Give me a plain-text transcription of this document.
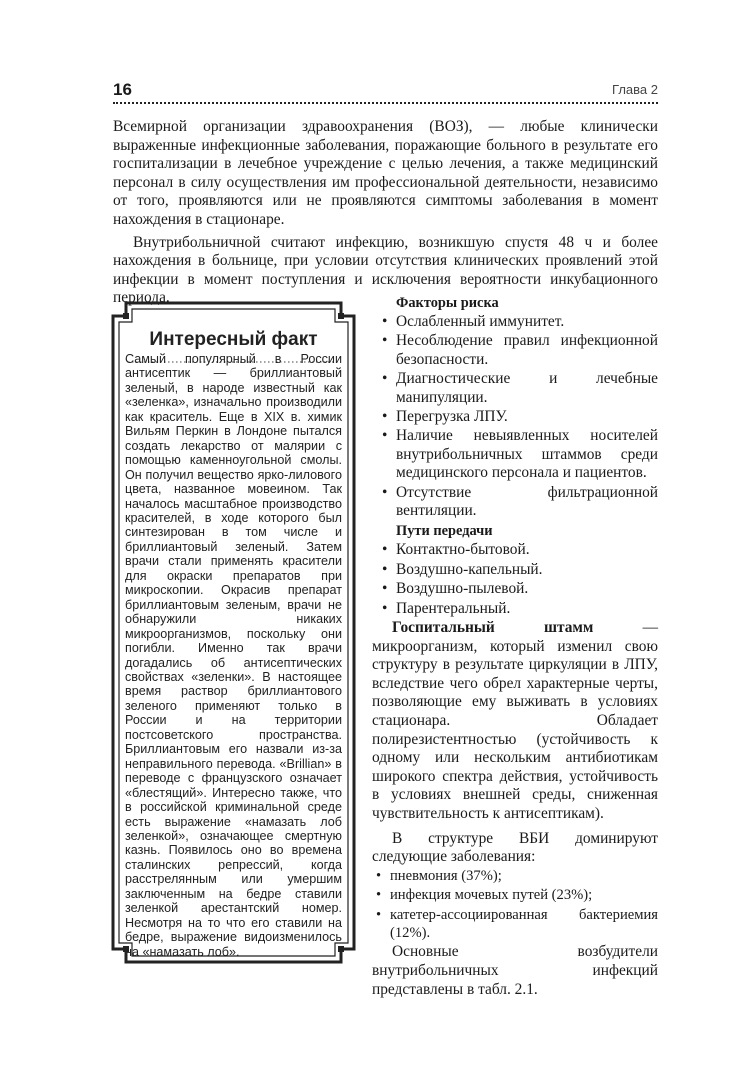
16	Глава 2

Всемирной организации здравоохранения (ВОЗ), — любые клинически выраженные инфекционные заболевания, поражающие больного в результате его госпитализации в лечебное учреждение с целью лечения, а также медицинский персонал в силу осуществления им профессиональной деятельности, независимо от того, проявляются или не проявляются симптомы заболевания в момент нахождения в стационаре.

Внутрибольничной считают инфекцию, возникшую спустя 48 ч и более нахождения в больнице, при условии отсутствия клинических проявлений этой инфекции в момент поступления и исключения вероятности инкубационного периода.

Интересный факт
Самый популярный в России антисептик — бриллиантовый зеленый, в народе известный как «зеленка», изначально производили как краситель. Еще в XIX в. химик Вильям Перкин в Лондоне пытался создать лекарство от малярии с помощью каменноугольной смолы. Он получил вещество ярко-лилового цвета, названное мовеином. Так началось масштабное производство красителей, в ходе которого был синтезирован в том числе и бриллиантовый зеленый. Затем врачи стали применять красители для окраски препаратов при микроскопии. Окрасив препарат бриллиантовым зеленым, врачи не обнаружили никаких микроорганизмов, поскольку они погибли. Именно так врачи догадались об антисептических свойствах «зеленки». В настоящее время раствор бриллиантового зеленого применяют только в России и на территории постсоветского пространства. Бриллиантовым его назвали из-за неправильного перевода. «Brillian» в переводе с французского означает «блестящий». Интересно также, что в российской криминальной среде есть выражение «намазать лоб зеленкой», означающее смертную казнь. Появилось оно во времена сталинских репрессий, когда расстрелянным или умершим заключенным на бедре ставили зеленкой арестантский номер. Несмотря на то что его ставили на бедре, выражение видоизменилось на «намазать лоб».
Факторы риска
• Ослабленный иммунитет.
• Несоблюдение правил инфекционной безопасности.
• Диагностические и лечебные манипуляции.
• Перегрузка ЛПУ.
• Наличие невыявленных носителей внутрибольничных штаммов среди медицинского персонала и пациентов.
• Отсутствие фильтрационной вентиляции.
Пути передачи
• Контактно-бытовой.
• Воздушно-капельный.
• Воздушно-пылевой.
• Парентеральный.

Госпитальный штамм — микроорганизм, который изменил свою структуру в результате циркуляции в ЛПУ, вследствие чего обрел характерные черты, позволяющие ему выживать в условиях стационара. Обладает полирезистентностью (устойчивость к одному или нескольким антибиотикам широкого спектра действия, устойчивость в условиях внешней среды, сниженная чувствительность к антисептикам).

В структуре ВБИ доминируют следующие заболевания:

• пневмония (37%);
• инфекция мочевых путей (23%);
• катетер-ассоциированная бактериемия (12%).

Основные возбудители внутрибольничных инфекций представлены в табл. 2.1.
